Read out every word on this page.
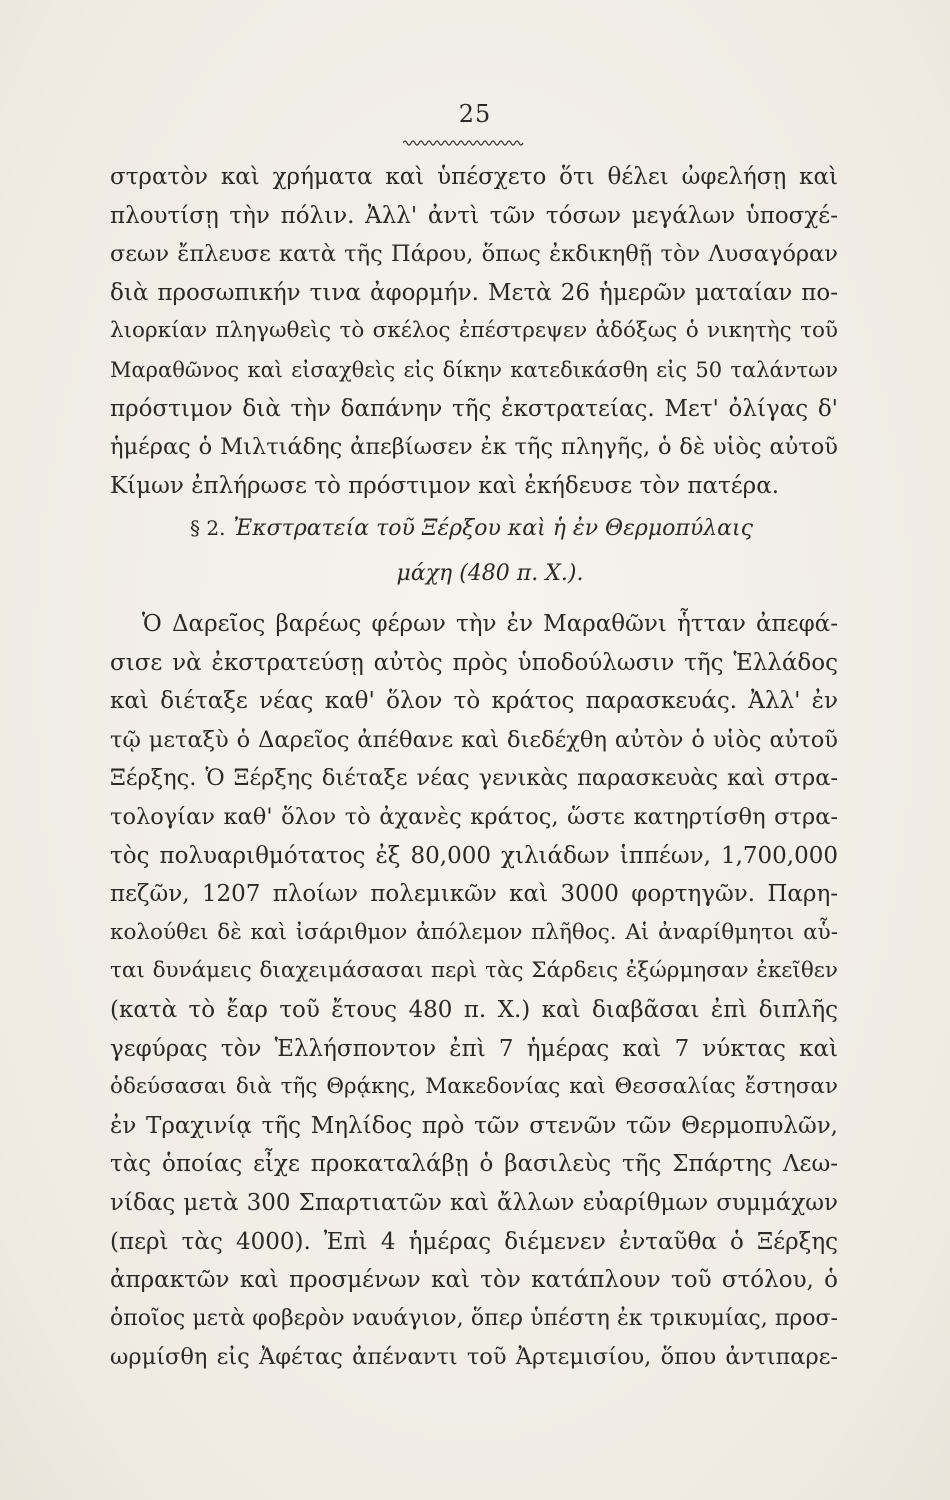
25
στρατὸν καὶ χρήματα καὶ ὑπέσχετο ὅτι θέλει ὠφελήσῃ καὶ
πλουτίσῃ τὴν πόλιν. Ἀλλ' ἀντὶ τῶν τόσων μεγάλων ὑποσχέ-
σεων ἔπλευσε κατὰ τῆς Πάρου, ὅπως ἐκδικηθῇ τὸν Λυσαγόραν
διὰ προσωπικήν τινα ἀφορμήν. Μετὰ 26 ἡμερῶν ματαίαν πο-
λιορκίαν πληγωθεὶς τὸ σκέλος ἐπέστρεψεν ἀδόξως ὁ νικητὴς τοῦ
Μαραθῶνος καὶ εἰσαχθεὶς εἰς δίκην κατεδικάσθη εἰς 50 ταλάντων
πρόστιμον διὰ τὴν δαπάνην τῆς ἐκστρατείας. Μετ' ὀλίγας δ'
ἡμέρας ὁ Μιλτιάδης ἀπεβίωσεν ἐκ τῆς πληγῆς, ὁ δὲ υἱὸς αὐτοῦ
Κίμων ἐπλήρωσε τὸ πρόστιμον καὶ ἐκήδευσε τὸν πατέρα.
§ 2. Ἐκστρατεία τοῦ Ξέρξου καὶ ἡ ἐν Θερμοπύλαις
μάχη (480 π. Χ.).
Ὁ Δαρεῖος βαρέως φέρων τὴν ἐν Μαραθῶνι ἧτταν ἀπεφά-
σισε νὰ ἐκστρατεύσῃ αὐτὸς πρὸς ὑποδούλωσιν τῆς Ἑλλάδος
καὶ διέταξε νέας καθ' ὅλον τὸ κράτος παρασκευάς. Ἀλλ' ἐν
τῷ μεταξὺ ὁ Δαρεῖος ἀπέθανε καὶ διεδέχθη αὐτὸν ὁ υἱὸς αὐτοῦ
Ξέρξης. Ὁ Ξέρξης διέταξε νέας γενικὰς παρασκευὰς καὶ στρα-
τολογίαν καθ' ὅλον τὸ ἀχανὲς κράτος, ὥστε κατηρτίσθη στρα-
τὸς πολυαριθμότατος ἐξ 80,000 χιλιάδων ἱππέων, 1,700,000
πεζῶν, 1207 πλοίων πολεμικῶν καὶ 3000 φορτηγῶν. Παρη-
κολούθει δὲ καὶ ἰσάριθμον ἀπόλεμον πλῆθος. Αἱ ἀναρίθμητοι αὗ-
ται δυνάμεις διαχειμάσασαι περὶ τὰς Σάρδεις ἐξώρμησαν ἐκεῖθεν
(κατὰ τὸ ἔαρ τοῦ ἔτους 480 π. Χ.) καὶ διαβᾶσαι ἐπὶ διπλῆς
γεφύρας τὸν Ἑλλήσποντον ἐπὶ 7 ἡμέρας καὶ 7 νύκτας καὶ
ὁδεύσασαι διὰ τῆς Θρᾴκης, Μακεδονίας καὶ Θεσσαλίας ἔστησαν
ἐν Τραχινίᾳ τῆς Μηλίδος πρὸ τῶν στενῶν τῶν Θερμοπυλῶν,
τὰς ὁποίας εἶχε προκαταλάβῃ ὁ βασιλεὺς τῆς Σπάρτης Λεω-
νίδας μετὰ 300 Σπαρτιατῶν καὶ ἄλλων εὐαρίθμων συμμάχων
(περὶ τὰς 4000). Ἐπὶ 4 ἡμέρας διέμενεν ἐνταῦθα ὁ Ξέρξης
ἀπρακτῶν καὶ προσμένων καὶ τὸν κατάπλουν τοῦ στόλου, ὁ
ὁποῖος μετὰ φοβερὸν ναυάγιον, ὅπερ ὑπέστη ἐκ τρικυμίας, προσ-
ωρμίσθη εἰς Ἀφέτας ἀπέναντι τοῦ Ἀρτεμισίου, ὅπου ἀντιπαρε-
